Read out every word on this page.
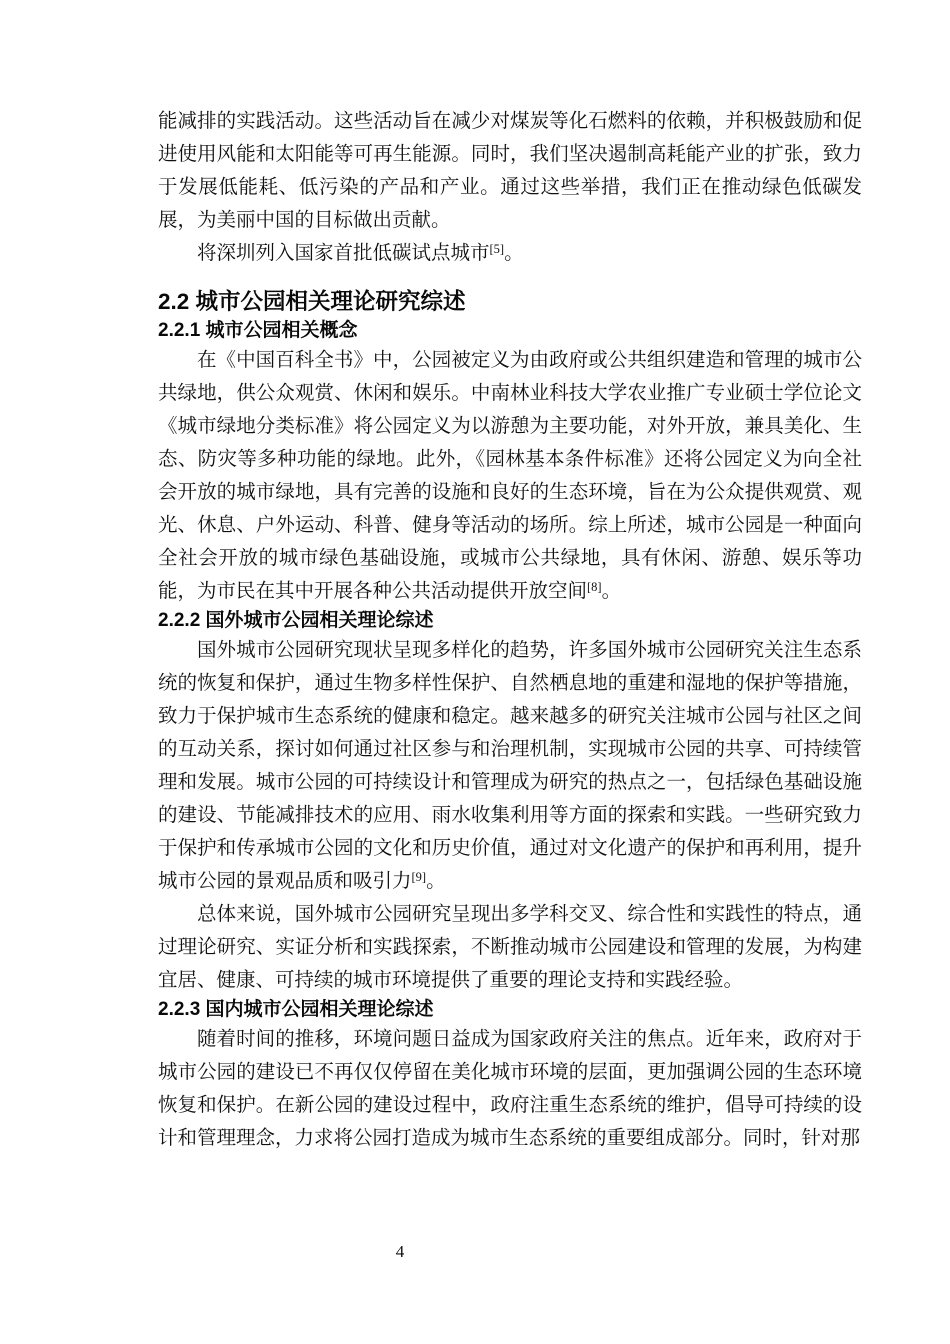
能减排的实践活动。这些活动旨在减少对煤炭等化石燃料的依赖，并积极鼓励和促进使用风能和太阳能等可再生能源。同时，我们坚决遏制高耗能产业的扩张，致力于发展低能耗、低污染的产品和产业。通过这些举措，我们正在推动绿色低碳发展，为美丽中国的目标做出贡献。

将深圳列入国家首批低碳试点城市[5]。

2.2 城市公园相关理论研究综述
2.2.1 城市公园相关概念

在《中国百科全书》中，公园被定义为由政府或公共组织建造和管理的城市公共绿地，供公众观赏、休闲和娱乐。中南林业科技大学农业推广专业硕士学位论文《城市绿地分类标准》将公园定义为以游憩为主要功能，对外开放，兼具美化、生态、防灾等多种功能的绿地。此外，《园林基本条件标准》还将公园定义为向全社会开放的城市绿地，具有完善的设施和良好的生态环境，旨在为公众提供观赏、观光、休息、户外运动、科普、健身等活动的场所。综上所述，城市公园是一种面向全社会开放的城市绿色基础设施，或城市公共绿地，具有休闲、游憩、娱乐等功能，为市民在其中开展各种公共活动提供开放空间[8]。

2.2.2 国外城市公园相关理论综述

国外城市公园研究现状呈现多样化的趋势，许多国外城市公园研究关注生态系统的恢复和保护，通过生物多样性保护、自然栖息地的重建和湿地的保护等措施，致力于保护城市生态系统的健康和稳定。越来越多的研究关注城市公园与社区之间的互动关系，探讨如何通过社区参与和治理机制，实现城市公园的共享、可持续管理和发展。城市公园的可持续设计和管理成为研究的热点之一，包括绿色基础设施的建设、节能减排技术的应用、雨水收集利用等方面的探索和实践。一些研究致力于保护和传承城市公园的文化和历史价值，通过对文化遗产的保护和再利用，提升城市公园的景观品质和吸引力[9]。

总体来说，国外城市公园研究呈现出多学科交叉、综合性和实践性的特点，通过理论研究、实证分析和实践探索，不断推动城市公园建设和管理的发展，为构建宜居、健康、可持续的城市环境提供了重要的理论支持和实践经验。

2.2.3 国内城市公园相关理论综述

随着时间的推移，环境问题日益成为国家政府关注的焦点。近年来，政府对于城市公园的建设已不再仅仅停留在美化城市环境的层面，更加强调公园的生态环境恢复和保护。在新公园的建设过程中，政府注重生态系统的维护，倡导可持续的设计和管理理念，力求将公园打造成为城市生态系统的重要组成部分。同时，针对那

4
